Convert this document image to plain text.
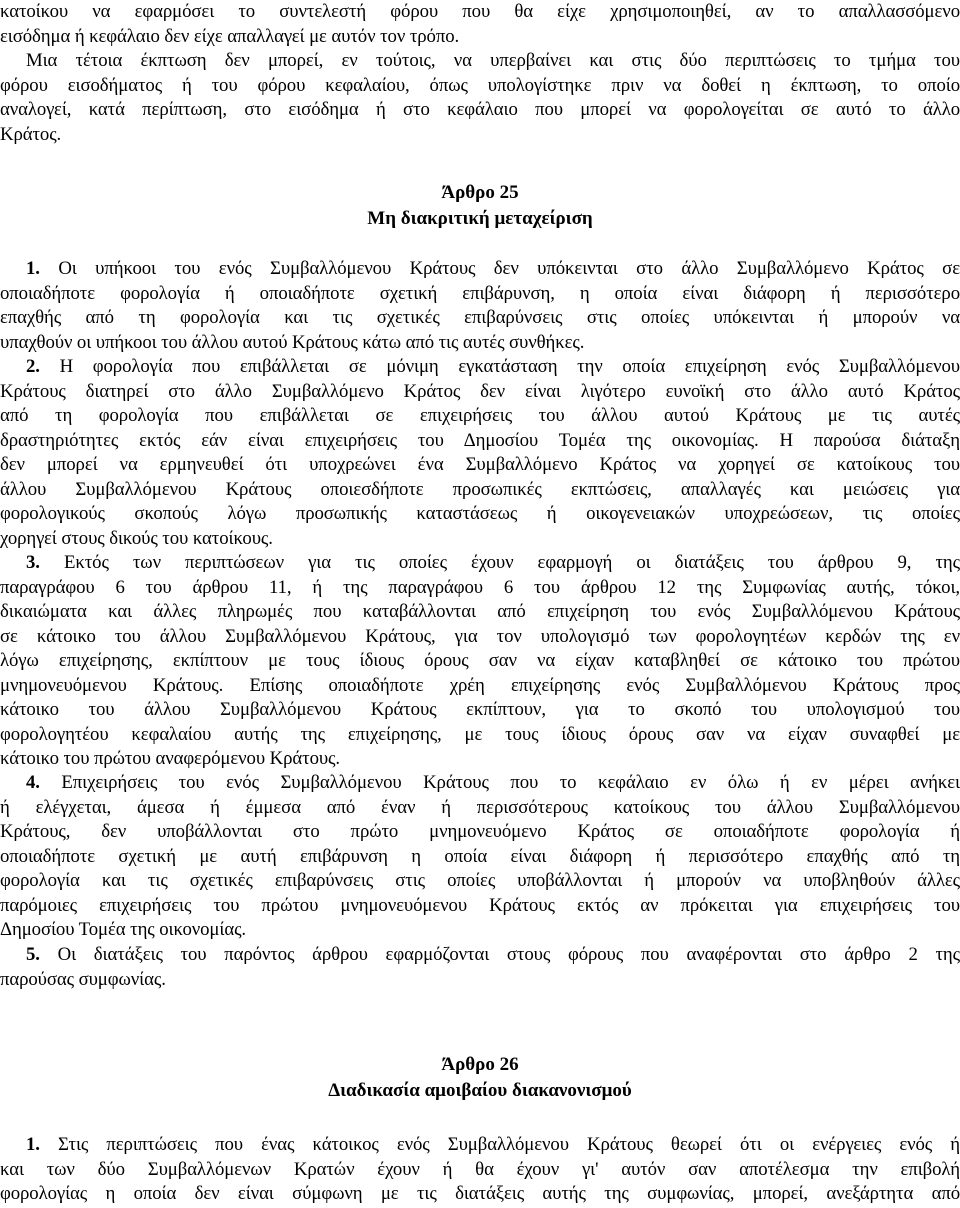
κατοίκου να εφαρμόσει το συντελεστή φόρου που θα είχε χρησιμοποιηθεί, αν το απαλλασσόμενο
εισόδημα ή κεφάλαιο δεν είχε απαλλαγεί με αυτόν τον τρόπο.
Μια τέτοια έκπτωση δεν μπορεί, εν τούτοις, να υπερβαίνει και στις δύο περιπτώσεις το τμήμα του
φόρου εισοδήματος ή του φόρου κεφαλαίου, όπως υπολογίστηκε πριν να δοθεί η έκπτωση, το οποίο
αναλογεί, κατά περίπτωση, στο εισόδημα ή στο κεφάλαιο που μπορεί να φορολογείται σε αυτό το άλλο
Κράτος.
Άρθρο 25
Μη διακριτική μεταχείριση
1. Οι υπήκοοι του ενός Συμβαλλόμενου Κράτους δεν υπόκεινται στο άλλο Συμβαλλόμενο Κράτος σε
οποιαδήποτε φορολογία ή οποιαδήποτε σχετική επιβάρυνση, η οποία είναι διάφορη ή περισσότερο
επαχθής από τη φορολογία και τις σχετικές επιβαρύνσεις στις οποίες υπόκεινται ή μπορούν να
υπαχθούν οι υπήκοοι του άλλου αυτού Κράτους κάτω από τις αυτές συνθήκες.
2. Η φορολογία που επιβάλλεται σε μόνιμη εγκατάσταση την οποία επιχείρηση ενός Συμβαλλόμενου
Κράτους διατηρεί στο άλλο Συμβαλλόμενο Κράτος δεν είναι λιγότερο ευνοϊκή στο άλλο αυτό Κράτος
από τη φορολογία που επιβάλλεται σε επιχειρήσεις του άλλου αυτού Κράτους με τις αυτές
δραστηριότητες εκτός εάν είναι επιχειρήσεις του Δημοσίου Τομέα της οικονομίας. Η παρούσα διάταξη
δεν μπορεί να ερμηνευθεί ότι υποχρεώνει ένα Συμβαλλόμενο Κράτος να χορηγεί σε κατοίκους του
άλλου Συμβαλλόμενου Κράτους οποιεσδήποτε προσωπικές εκπτώσεις, απαλλαγές και μειώσεις για
φορολογικούς σκοπούς λόγω προσωπικής καταστάσεως ή οικογενειακών υποχρεώσεων, τις οποίες
χορηγεί στους δικούς του κατοίκους.
3. Εκτός των περιπτώσεων για τις οποίες έχουν εφαρμογή οι διατάξεις του άρθρου 9, της
παραγράφου 6 του άρθρου 11, ή της παραγράφου 6 του άρθρου 12 της Συμφωνίας αυτής, τόκοι,
δικαιώματα και άλλες πληρωμές που καταβάλλονται από επιχείρηση του ενός Συμβαλλόμενου Κράτους
σε κάτοικο του άλλου Συμβαλλόμενου Κράτους, για τον υπολογισμό των φορολογητέων κερδών της εν
λόγω επιχείρησης, εκπίπτουν με τους ίδιους όρους σαν να είχαν καταβληθεί σε κάτοικο του πρώτου
μνημονευόμενου Κράτους. Επίσης οποιαδήποτε χρέη επιχείρησης ενός Συμβαλλόμενου Κράτους προς
κάτοικο του άλλου Συμβαλλόμενου Κράτους εκπίπτουν, για το σκοπό του υπολογισμού του
φορολογητέου κεφαλαίου αυτής της επιχείρησης, με τους ίδιους όρους σαν να είχαν συναφθεί με
κάτοικο του πρώτου αναφερόμενου Κράτους.
4. Επιχειρήσεις του ενός Συμβαλλόμενου Κράτους που το κεφάλαιο εν όλω ή εν μέρει ανήκει
ή ελέγχεται, άμεσα ή έμμεσα από έναν ή περισσότερους κατοίκους του άλλου Συμβαλλόμενου
Κράτους, δεν υποβάλλονται στο πρώτο μνημονευόμενο Κράτος σε οποιαδήποτε φορολογία ή
οποιαδήποτε σχετική με αυτή επιβάρυνση η οποία είναι διάφορη ή περισσότερο επαχθής από τη
φορολογία και τις σχετικές επιβαρύνσεις στις οποίες υποβάλλονται ή μπορούν να υποβληθούν άλλες
παρόμοιες επιχειρήσεις του πρώτου μνημονευόμενου Κράτους εκτός αν πρόκειται για επιχειρήσεις του
Δημοσίου Τομέα της οικονομίας.
5. Οι διατάξεις του παρόντος άρθρου εφαρμόζονται στους φόρους που αναφέρονται στο άρθρο 2 της
παρούσας συμφωνίας.
Άρθρο 26
Διαδικασία αμοιβαίου διακανονισμού
1. Στις περιπτώσεις που ένας κάτοικος ενός Συμβαλλόμενου Κράτους θεωρεί ότι οι ενέργειες ενός ή
και των δύο Συμβαλλόμενων Κρατών έχουν ή θα έχουν γι' αυτόν σαν αποτέλεσμα την επιβολή
φορολογίας η οποία δεν είναι σύμφωνη με τις διατάξεις αυτής της συμφωνίας, μπορεί, ανεξάρτητα από
